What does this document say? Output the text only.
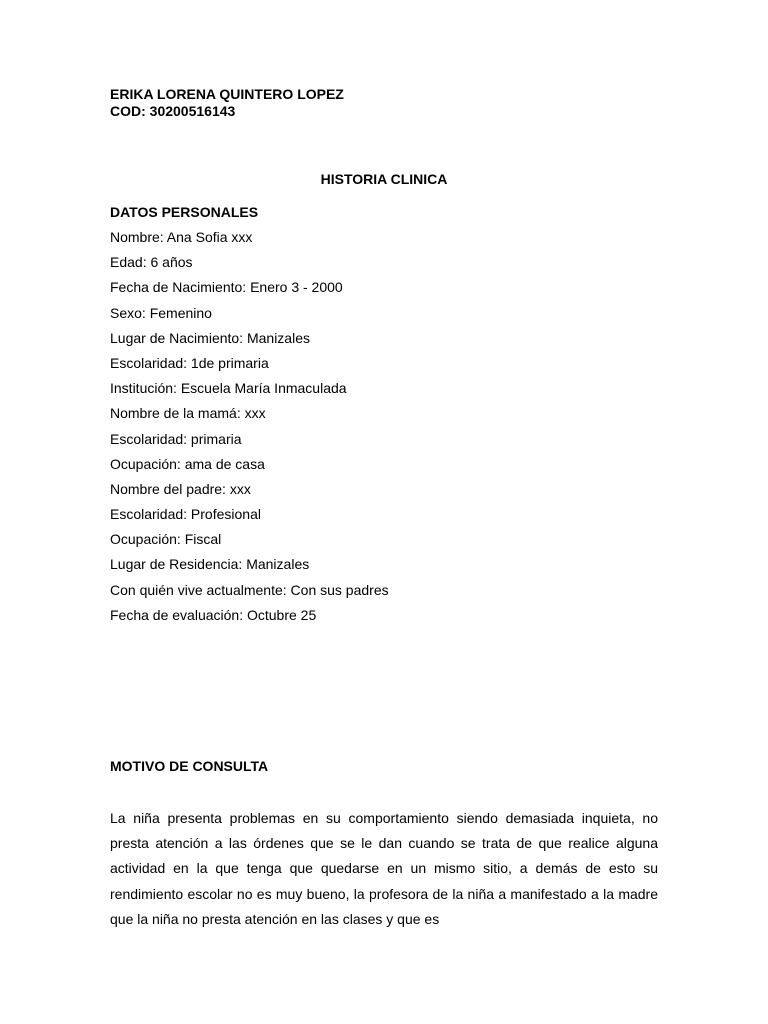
ERIKA LORENA QUINTERO LOPEZ
COD: 30200516143
HISTORIA CLINICA
DATOS PERSONALES
Nombre: Ana Sofia xxx
Edad: 6 años
Fecha de Nacimiento: Enero 3 - 2000
Sexo: Femenino
Lugar de Nacimiento: Manizales
Escolaridad: 1de primaria
Institución: Escuela María Inmaculada
Nombre de la mamá: xxx
Escolaridad: primaria
Ocupación: ama de casa
Nombre del padre: xxx
Escolaridad: Profesional
Ocupación: Fiscal
Lugar de Residencia: Manizales
Con quién vive actualmente: Con sus padres
Fecha de evaluación: Octubre 25
MOTIVO DE CONSULTA

La niña presenta problemas en su comportamiento siendo demasiada inquieta, no presta atención a las órdenes que se le dan cuando se trata de que realice alguna actividad en la que tenga que quedarse en un mismo sitio, a demás de esto su rendimiento escolar no es muy bueno, la profesora de la niña a manifestado a la madre que la niña no presta atención en las clases y que es
